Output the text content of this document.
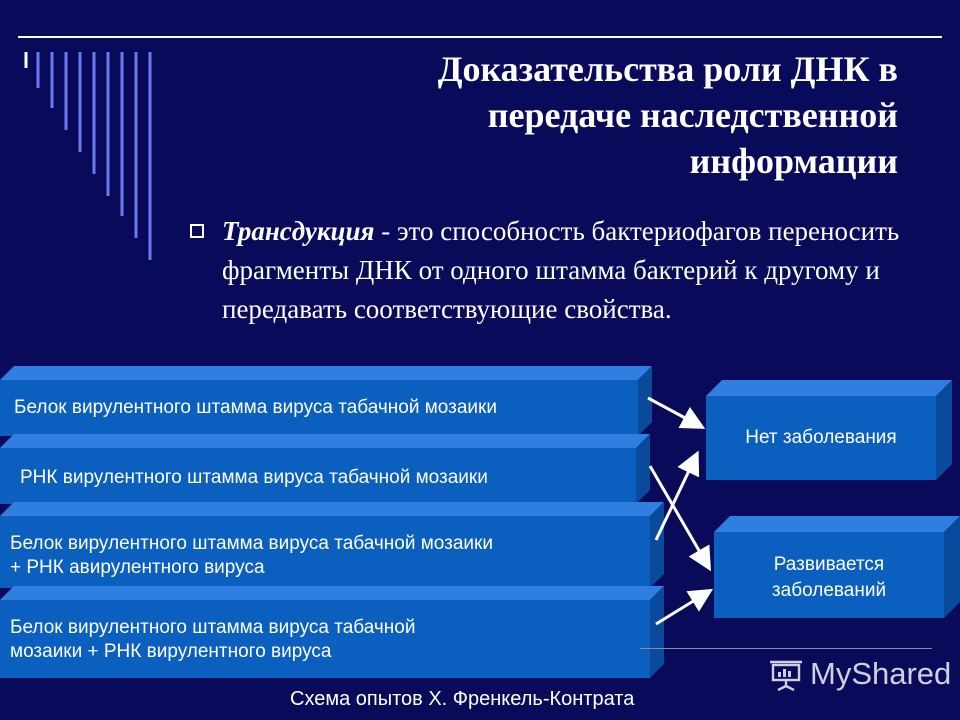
Доказательства роли ДНК в передаче наследственной информации
Трансдукция - это способность бактериофагов переносить фрагменты ДНК от одного штамма бактерий к другому и передавать соответствующие свойства.
Белок вирулентного штамма вируса табачной мозаики
РНК вирулентного штамма вируса табачной мозаики
Белок вирулентного штамма вируса табачной мозаики
+ РНК авирулентного вируса
Белок вирулентного штамма вируса табачной
мозаики + РНК вирулентного вируса
Нет заболевания
Развивается
заболеваний
MyShared
Схема опытов Х. Френкель-Контрата
